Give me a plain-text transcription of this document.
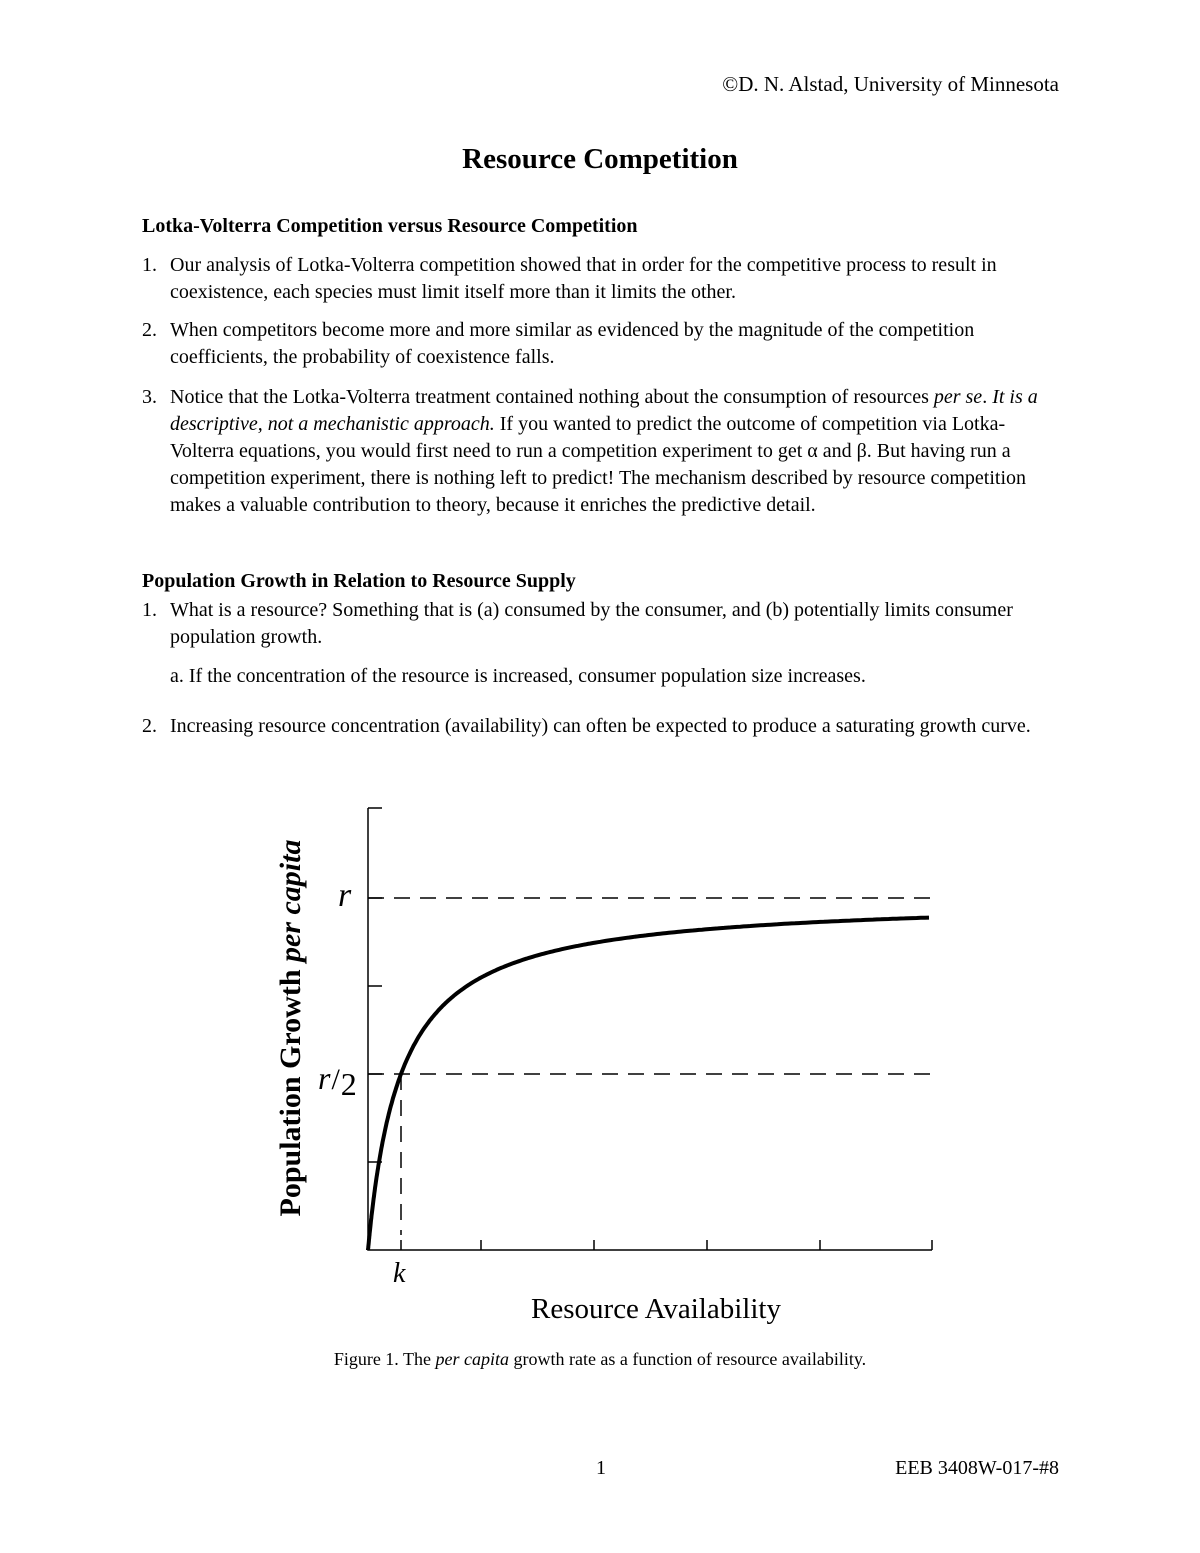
©D. N. Alstad, University of Minnesota
Resource Competition
Lotka-Volterra Competition versus Resource Competition
1. Our analysis of Lotka-Volterra competition showed that in order for the competitive process to result in coexistence, each species must limit itself more than it limits the other.
2. When competitors become more and more similar as evidenced by the magnitude of the competition coefficients, the probability of coexistence falls.
3. Notice that the Lotka-Volterra treatment contained nothing about the consumption of resources per se. It is a descriptive, not a mechanistic approach. If you wanted to predict the outcome of competition via Lotka-Volterra equations, you would first need to run a competition experiment to get α and β. But having run a competition experiment, there is nothing left to predict! The mechanism described by resource competition makes a valuable contribution to theory, because it enriches the predictive detail.
Population Growth in Relation to Resource Supply
1. What is a resource? Something that is (a) consumed by the consumer, and (b) potentially limits consumer population growth.
a. If the concentration of the resource is increased, consumer population size increases.
2. Increasing resource concentration (availability) can often be expected to produce a saturating growth curve.
r
r/2
k
Resource Availability
Population Growth per capita
Figure 1. The per capita growth rate as a function of resource availability.
1	EEB 3408W-017-#8
